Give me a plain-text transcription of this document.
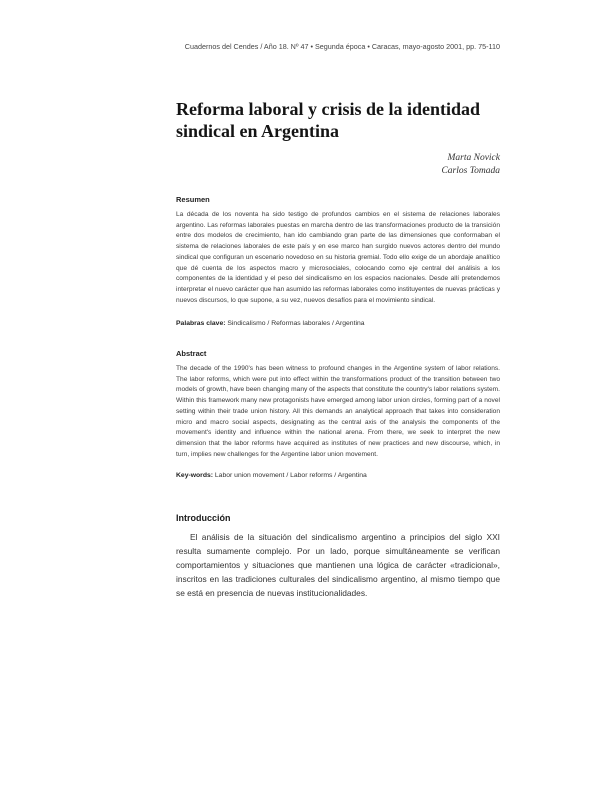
Cuadernos del Cendes / Año 18. Nº 47 • Segunda época • Caracas, mayo-agosto 2001, pp. 75-110
Reforma laboral y crisis de la identidad sindical en Argentina
Marta Novick
Carlos Tomada
Resumen

La década de los noventa ha sido testigo de profundos cambios en el sistema de relaciones laborales argentino. Las reformas laborales puestas en marcha dentro de las transformaciones producto de la transición entre dos modelos de crecimiento, han ido cambiando gran parte de las dimensiones que conformaban el sistema de relaciones laborales de este país y en ese marco han surgido nuevos actores dentro del mundo sindical que configuran un escenario novedoso en su historia gremial. Todo ello exige de un abordaje analítico que dé cuenta de los aspectos macro y microsociales, colocando como eje central del análisis a los componentes de la identidad y el peso del sindicalismo en los espacios nacionales. Desde allí pretendemos interpretar el nuevo carácter que han asumido las reformas laborales como instituyentes de nuevas prácticas y nuevos discursos, lo que supone, a su vez, nuevos desafíos para el movimiento sindical.

Palabras clave: Sindicalismo / Reformas laborales / Argentina
Abstract

The decade of the 1990's has been witness to profound changes in the Argentine system of labor relations. The labor reforms, which were put into effect within the transformations product of the transition between two models of growth, have been changing many of the aspects that constitute the country's labor relations system. Within this framework many new protagonists have emerged among labor union circles, forming part of a novel setting within their trade union history. All this demands an analytical approach that takes into consideration micro and macro social aspects, designating as the central axis of the analysis the components of the movement's identity and influence within the national arena. From there, we seek to interpret the new dimension that the labor reforms have acquired as institutes of new practices and new discourse, which, in turn, implies new challenges for the Argentine labor union movement.

Key-words: Labor union movement / Labor reforms / Argentina
Introducción

El análisis de la situación del sindicalismo argentino a principios del siglo XXI resulta sumamente complejo. Por un lado, porque simultáneamente se verifican comportamientos y situaciones que mantienen una lógica de carácter «tradicional», inscritos en las tradiciones culturales del sindicalismo argentino, al mismo tiempo que se está en presencia de nuevas institucionalidades.
